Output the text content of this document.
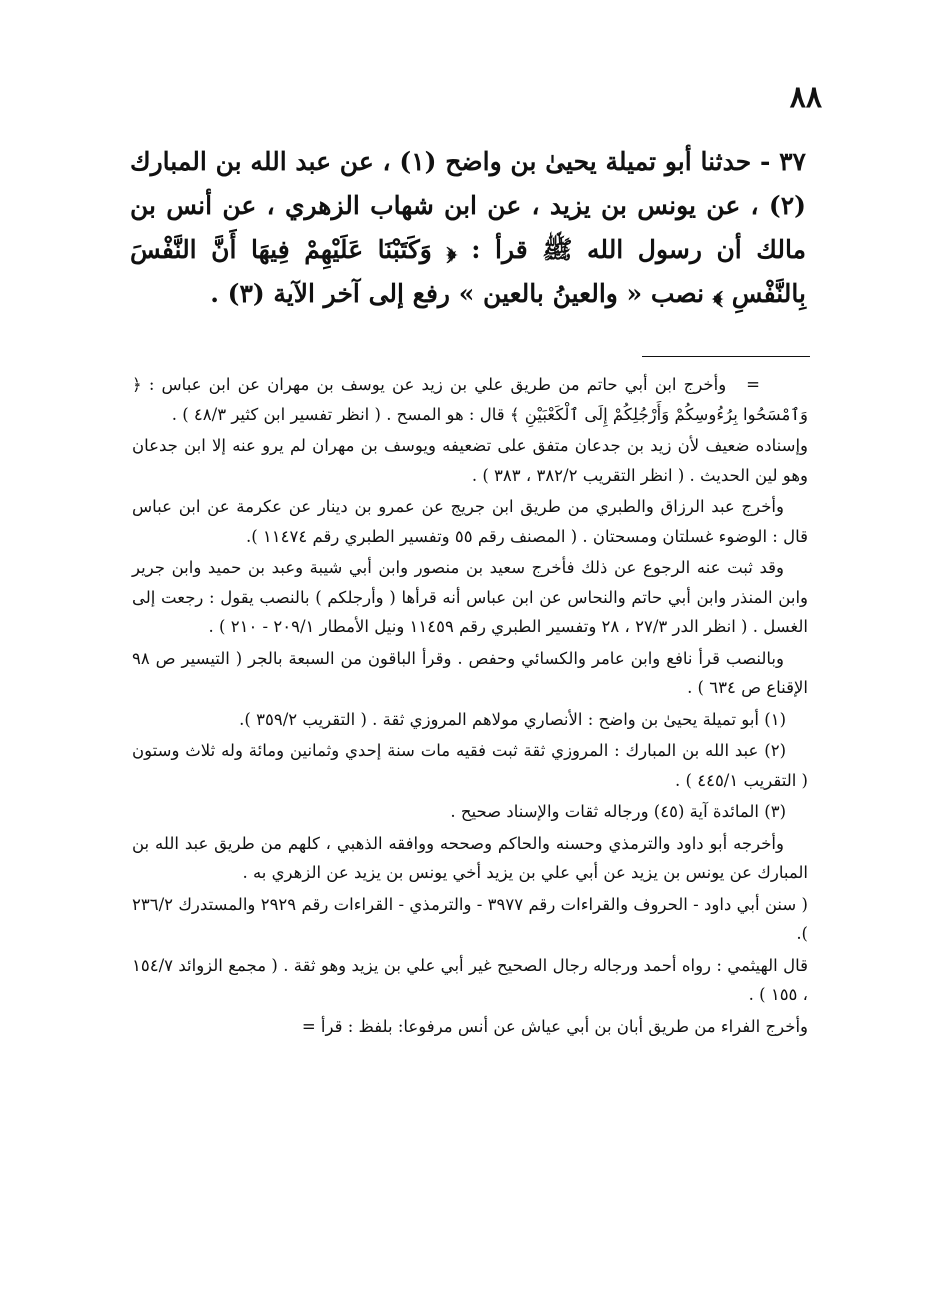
٨٨

٣٧ - حدثنا أبو تميلة يحيىٰ بن واضح (١) ، عن عبد الله بن المبارك (٢) ، عن يونس بن يزيد ، عن ابن شهاب الزهري ، عن أنس بن مالك أن رسول الله ﷺ قرأ : ﴿ وَكَتَبْنَا عَلَيْهِمْ فِيهَا أَنَّ النَّفْسَ بِالنَّفْسِ ﴾ نصب « والعينُ بالعين » رفع إلى آخر الآية (٣) .

=وأخرج ابن أبي حاتم من طريق علي بن زيد عن يوسف بن مهران عن ابن عباس : ﴿ وَٱمْسَحُوا بِرُءُوسِكُمْ وَأَرْجُلِكُمْ إِلَى ٱلْكَعْبَيْنِ ﴾ قال : هو المسح . ( انظر تفسير ابن كثير ٤٨/٣ ) .

وإسناده ضعيف لأن زيد بن جدعان متفق على تضعيفه ويوسف بن مهران لم يرو عنه إلا ابن جدعان وهو لين الحديث . ( انظر التقريب ٣٨٢/٢ ، ٣٨٣ ) .

وأخرج عبد الرزاق والطبري من طريق ابن جريج عن عمرو بن دينار عن عكرمة عن ابن عباس قال : الوضوء غسلتان ومسحتان . ( المصنف رقم ٥٥ وتفسير الطبري رقم ١١٤٧٤ ).

وقد ثبت عنه الرجوع عن ذلك فأخرج سعيد بن منصور وابن أبي شيبة وعبد بن حميد وابن جرير وابن المنذر وابن أبي حاتم والنحاس عن ابن عباس أنه قرأها ( وأرجلكم ) بالنصب يقول : رجعت إلى الغسل . ( انظر الدر ٢٧/٣ ، ٢٨ وتفسير الطبري رقم ١١٤٥٩ ونيل الأمطار ٢٠٩/١ - ٢١٠ ) .

وبالنصب قرأ نافع وابن عامر والكسائي وحفص . وقرأ الباقون من السبعة بالجر ( التيسير ص ٩٨ الإقناع ص ٦٣٤ ) .

(١) أبو تميلة يحيىٰ بن واضح : الأنصاري مولاهم المروزي ثقة . ( التقريب ٣٥٩/٢ ).

(٢) عبد الله بن المبارك : المروزي ثقة ثبت فقيه مات سنة إحدي وثمانين ومائة وله ثلاث وستون ( التقريب ٤٤٥/١ ) .

(٣) المائدة آية (٤٥) ورجاله ثقات والإسناد صحيح .

وأخرجه أبو داود والترمذي وحسنه والحاكم وصححه ووافقه الذهبي ، كلهم من طريق عبد الله بن المبارك عن يونس بن يزيد عن أبي علي بن يزيد أخي يونس بن يزيد عن الزهري به .

( سنن أبي داود - الحروف والقراءات رقم ٣٩٧٧ - والترمذي - القراءات رقم ٢٩٢٩ والمستدرك ٢٣٦/٢ ).

قال الهيثمي : رواه أحمد ورجاله رجال الصحيح غير أبي علي بن يزيد وهو ثقة . ( مجمع الزوائد ١٥٤/٧ ، ١٥٥ ) .

وأخرج الفراء من طريق أبان بن أبي عياش عن أنس مرفوعا: بلفظ : قرأ =
